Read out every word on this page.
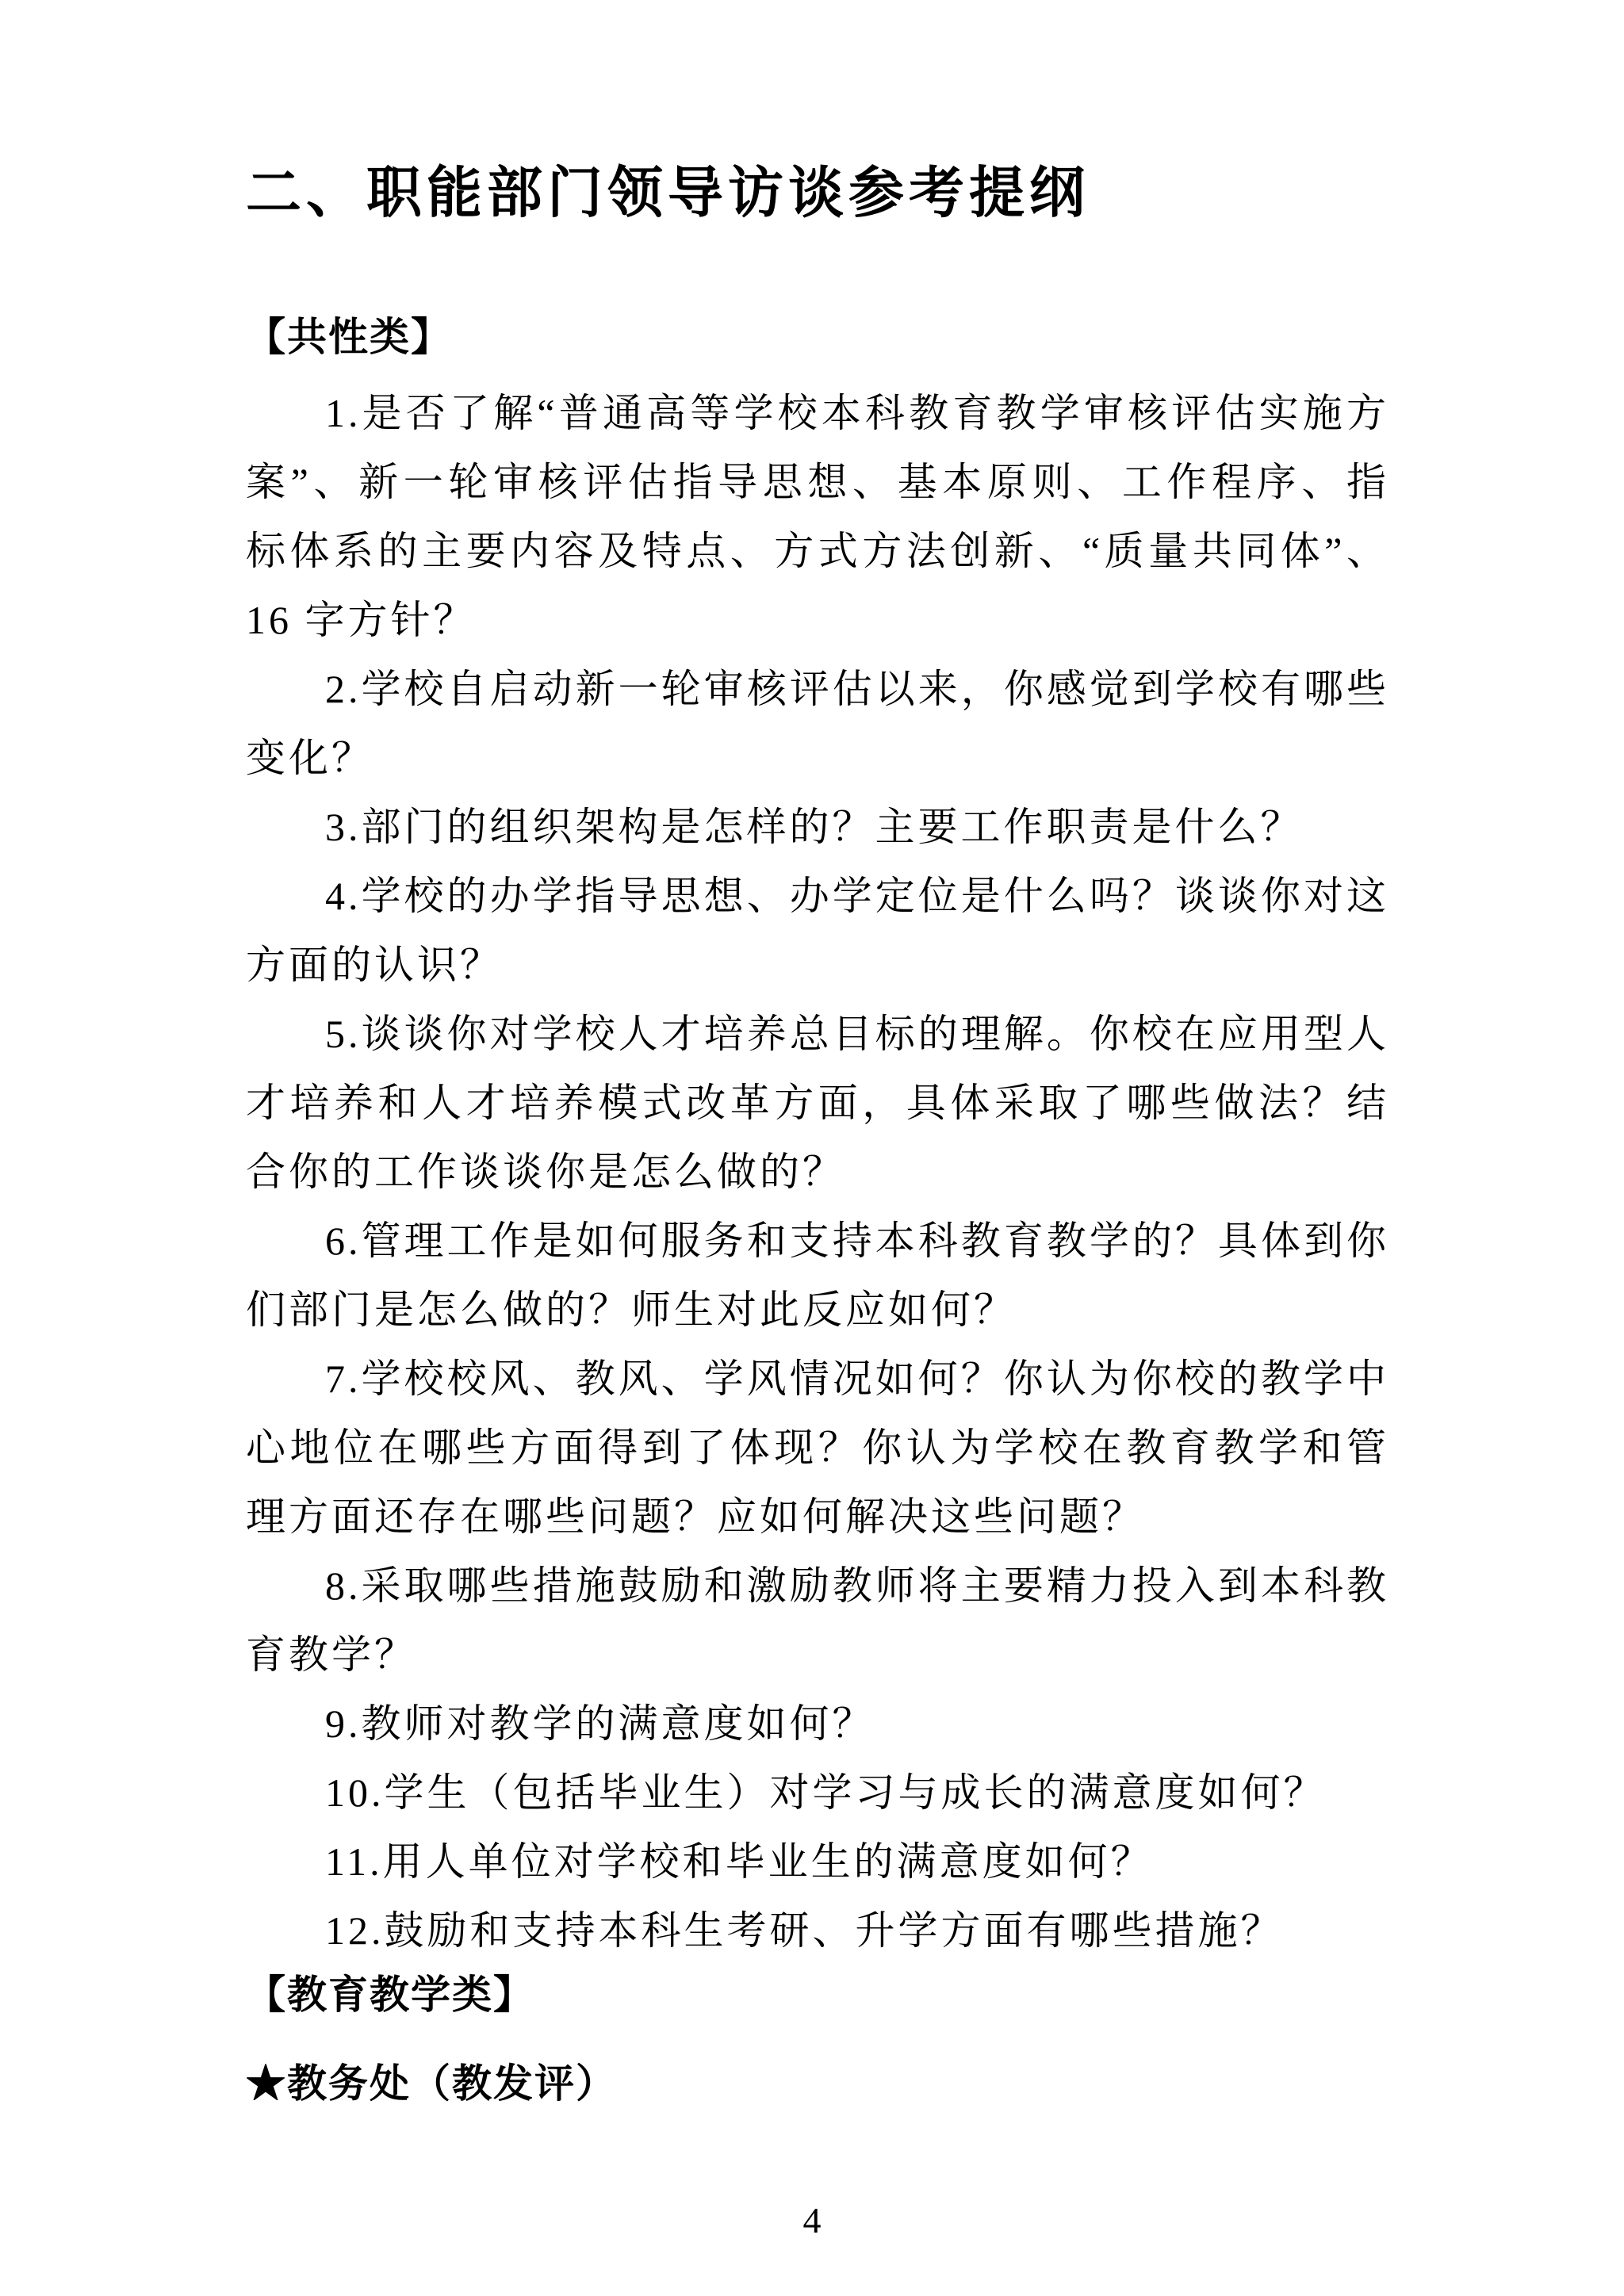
二、职能部门领导访谈参考提纲
【共性类】

1.是否了解“普通高等学校本科教育教学审核评估实施方案”、新一轮审核评估指导思想、基本原则、工作程序、指 标体系的主要内容及特点、方式方法创新、“质量共同体”、16 字方针？

2.学校自启动新一轮审核评估以来，你感觉到学校有哪些变化？

3.部门的组织架构是怎样的？主要工作职责是什么？

4.学校的办学指导思想、办学定位是什么吗？谈谈你对这方面的认识？

5.谈谈你对学校人才培养总目标的理解。你校在应用型人才培养和人才培养模式改革方面，具体采取了哪些做法？结合你的工作谈谈你是怎么做的？

6.管理工作是如何服务和支持本科教育教学的？具体到你们部门是怎么做的？师生对此反应如何？

7.学校校风、教风、学风情况如何？你认为你校的教学中心地位在哪些方面得到了体现？你认为学校在教育教学和管理方面还存在哪些问题？应如何解决这些问题？

8.采取哪些措施鼓励和激励教师将主要精力投入到本科教育教学？

9.教师对教学的满意度如何？

10.学生（包括毕业生）对学习与成长的满意度如何？

11.用人单位对学校和毕业生的满意度如何？

12.鼓励和支持本科生考研、升学方面有哪些措施？

【教育教学类】
★教务处（教发评）
4
